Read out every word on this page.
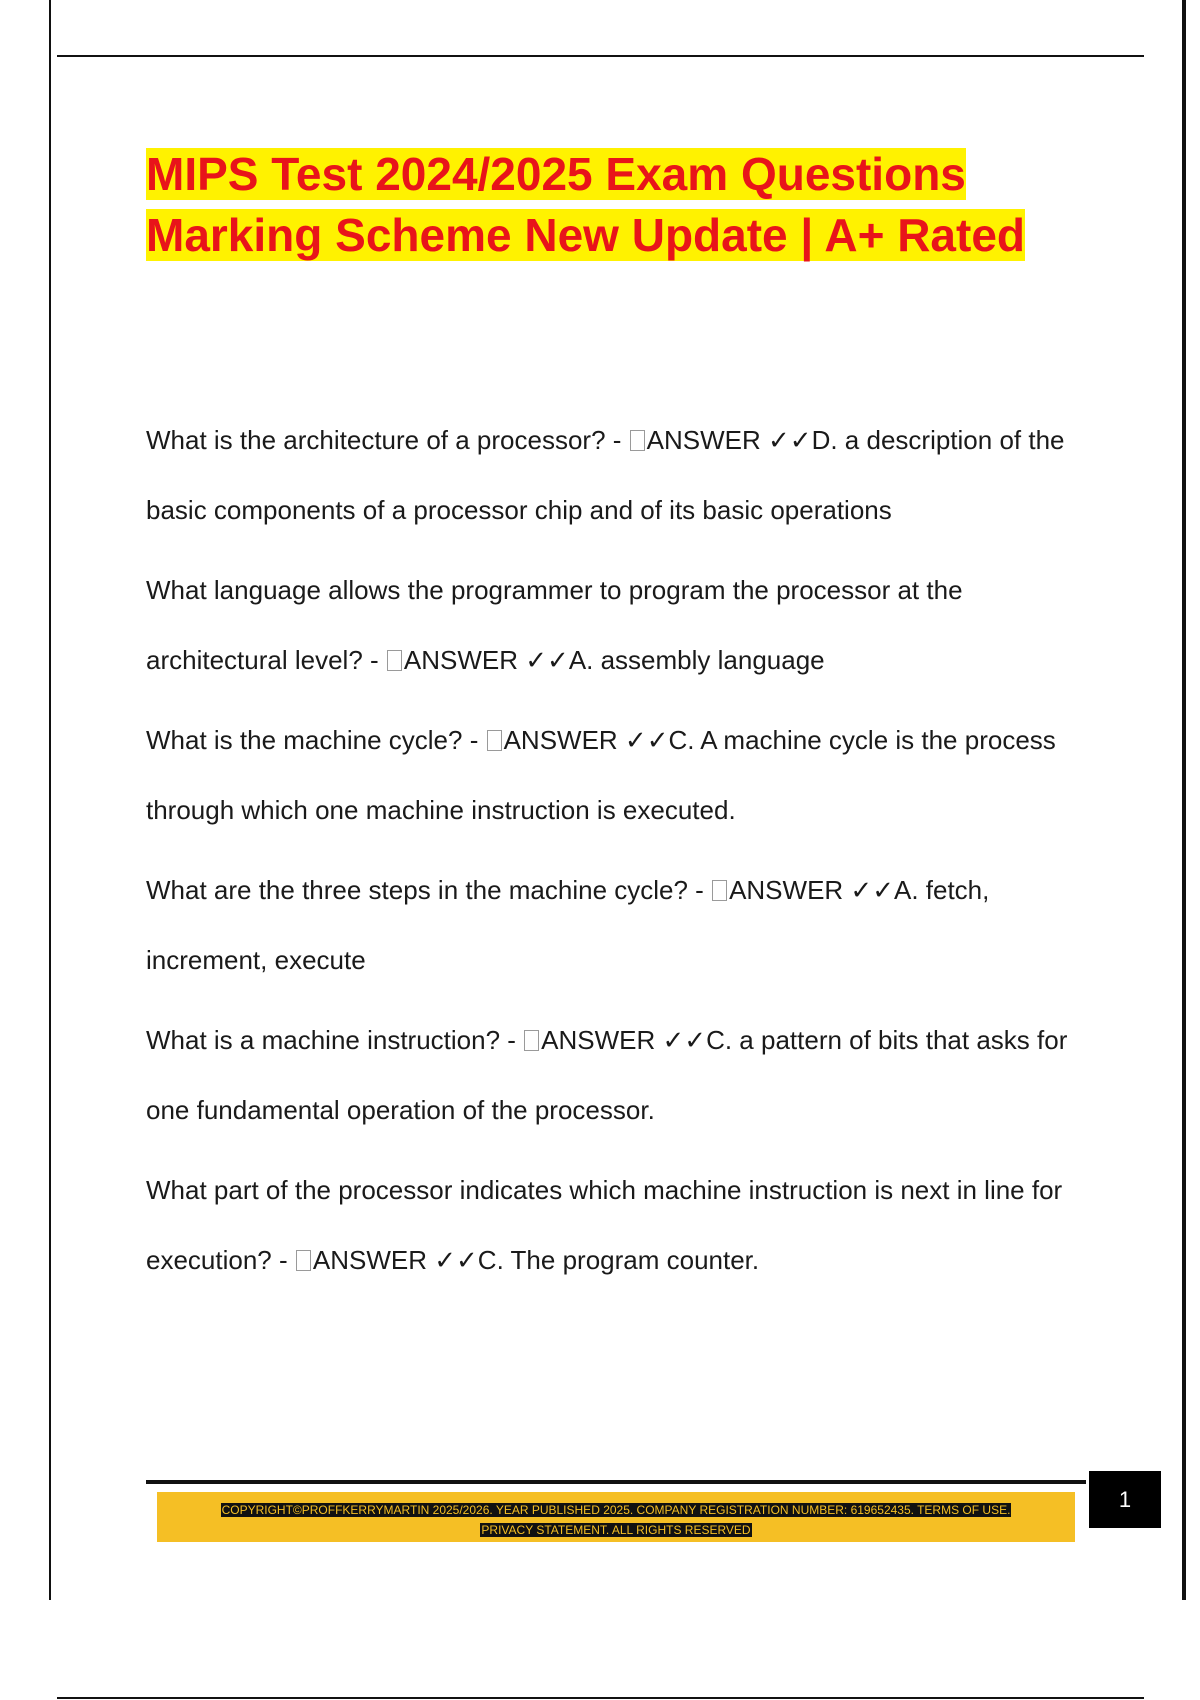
MIPS Test 2024/2025 Exam Questions
Marking Scheme New Update | A+ Rated

What is the architecture of a processor? - ANSWER ✓✓D. a description of the basic components of a processor chip and of its basic operations

What language allows the programmer to program the processor at the architectural level? - ANSWER ✓✓A. assembly language

What is the machine cycle? - ANSWER ✓✓C. A machine cycle is the process through which one machine instruction is executed.

What are the three steps in the machine cycle? - ANSWER ✓✓A. fetch, increment, execute

What is a machine instruction? - ANSWER ✓✓C. a pattern of bits that asks for one fundamental operation of the processor.

What part of the processor indicates which machine instruction is next in line for execution? - ANSWER ✓✓C. The program counter.

COPYRIGHT©PROFFKERRYMARTIN 2025/2026. YEAR PUBLISHED 2025. COMPANY REGISTRATION NUMBER: 619652435. TERMS OF USE.
PRIVACY STATEMENT. ALL RIGHTS RESERVED
1
